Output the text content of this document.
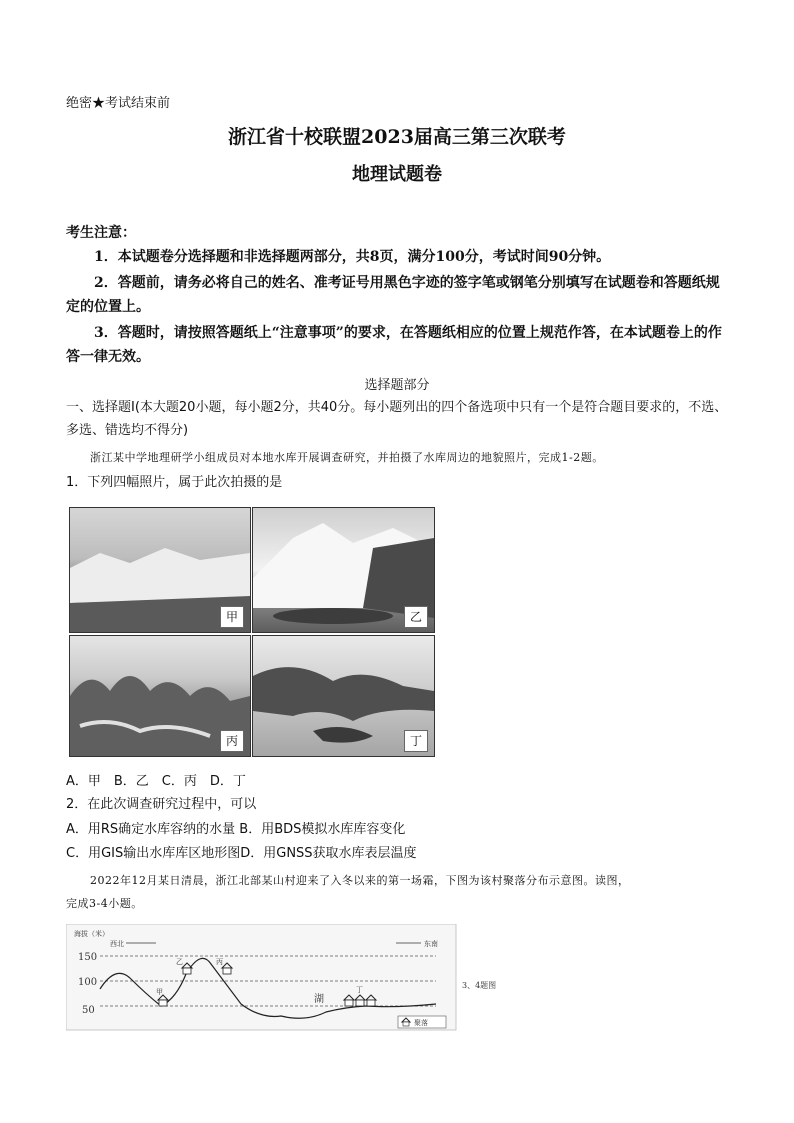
绝密★考试结束前
浙江省十校联盟2023届高三第三次联考
地理试题卷
考生注意：
1．本试题卷分选择题和非选择题两部分，共8页，满分100分，考试时间90分钟。
2．答题前，请务必将自己的姓名、准考证号用黑色字迹的签字笔或钢笔分别填写在试题卷和答题纸规定的位置上。
3．答题时，请按照答题纸上“注意事项”的要求，在答题纸相应的位置上规范作答，在本试题卷上的作答一律无效。
选择题部分
一、选择题Ⅰ(本大题20小题，每小题2分，共40分。每小题列出的四个备选项中只有一个是符合题目要求的，不选、多选、错选均不得分)
浙江某中学地理研学小组成员对本地水库开展调查研究，并拍摄了水库周边的地貌照片，完成1-2题。
1．下列四幅照片，属于此次拍摄的是
甲	乙
丙	丁
A．甲　B．乙　C．丙　D．丁
2．在此次调查研究过程中，可以
A．用RS确定水库容纳的水量 B．用BDS模拟水库库容变化
C．用GIS输出水库库区地形图D．用GNSS获取水库表层温度
2022年12月某日清晨，浙江北部某山村迎来了入冬以来的第一场霜，下图为该村聚落分布示意图。读图，
完成3-4小题。
海拔（米）
西北	东南
150
100
50
甲
乙	丙
湖
丁
聚落
3、4题图
